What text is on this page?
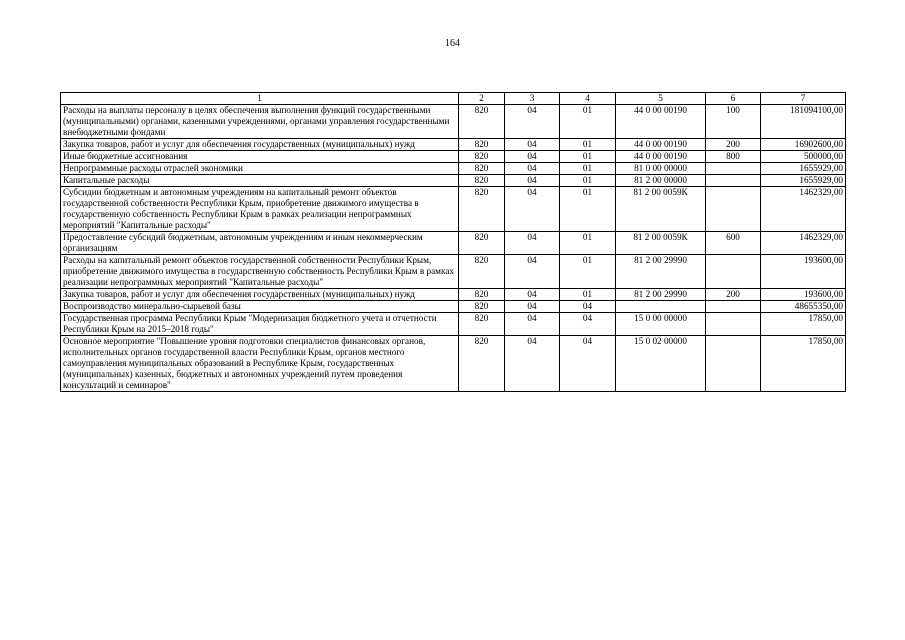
164
1	2	3	4	5	6	7
Расходы на выплаты персоналу в целях обеспечения выполнения функций государственными (муниципальными) органами, казенными учреждениями, органами управления государственными внебюджетными фондами	820	04	01	44 0 00 00190	100	181094100,00
Закупка товаров, работ и услуг для обеспечения государственных (муниципальных) нужд	820	04	01	44 0 00 00190	200	16902600,00
Иные бюджетные ассигнования	820	04	01	44 0 00 00190	800	500000,00
Непрограммные расходы отраслей экономики	820	04	01	81 0 00 00000		1655929,00
Капитальные расходы	820	04	01	81 2 00 00000		1655929,00
Субсидии бюджетным и автономным учреждениям на капитальный ремонт объектов государственной собственности Республики Крым, приобретение движимого имущества в государственную собственность Республики Крым в рамках реализации непрограммных мероприятий "Капитальные расходы"	820	04	01	81 2 00 0059К		1462329,00
Предоставление субсидий бюджетным, автономным учреждениям и иным некоммерческим организациям	820	04	01	81 2 00 0059К	600	1462329,00
Расходы на капитальный ремонт объектов государственной собственности Республики Крым, приобретение движимого имущества в государственную собственность Республики Крым в рамках реализации непрограммных мероприятий "Капитальные расходы"	820	04	01	81 2 00 29990		193600,00
Закупка товаров, работ и услуг для обеспечения государственных (муниципальных) нужд	820	04	01	81 2 00 29990	200	193600,00
Воспроизводство минерально-сырьевой базы	820	04	04			48655350,00
Государственная программа Республики Крым "Модернизация бюджетного учета и отчетности Республики Крым на 2015–2018 годы"	820	04	04	15 0 00 00000		17850,00
Основное мероприятие "Повышение уровня подготовки специалистов финансовых органов, исполнительных органов государственной власти Республики Крым, органов местного самоуправления муниципальных образований в Республике Крым, государственных (муниципальных) казенных, бюджетных и автономных учреждений путем проведения консультаций и семинаров"	820	04	04	15 0 02 00000		17850,00
